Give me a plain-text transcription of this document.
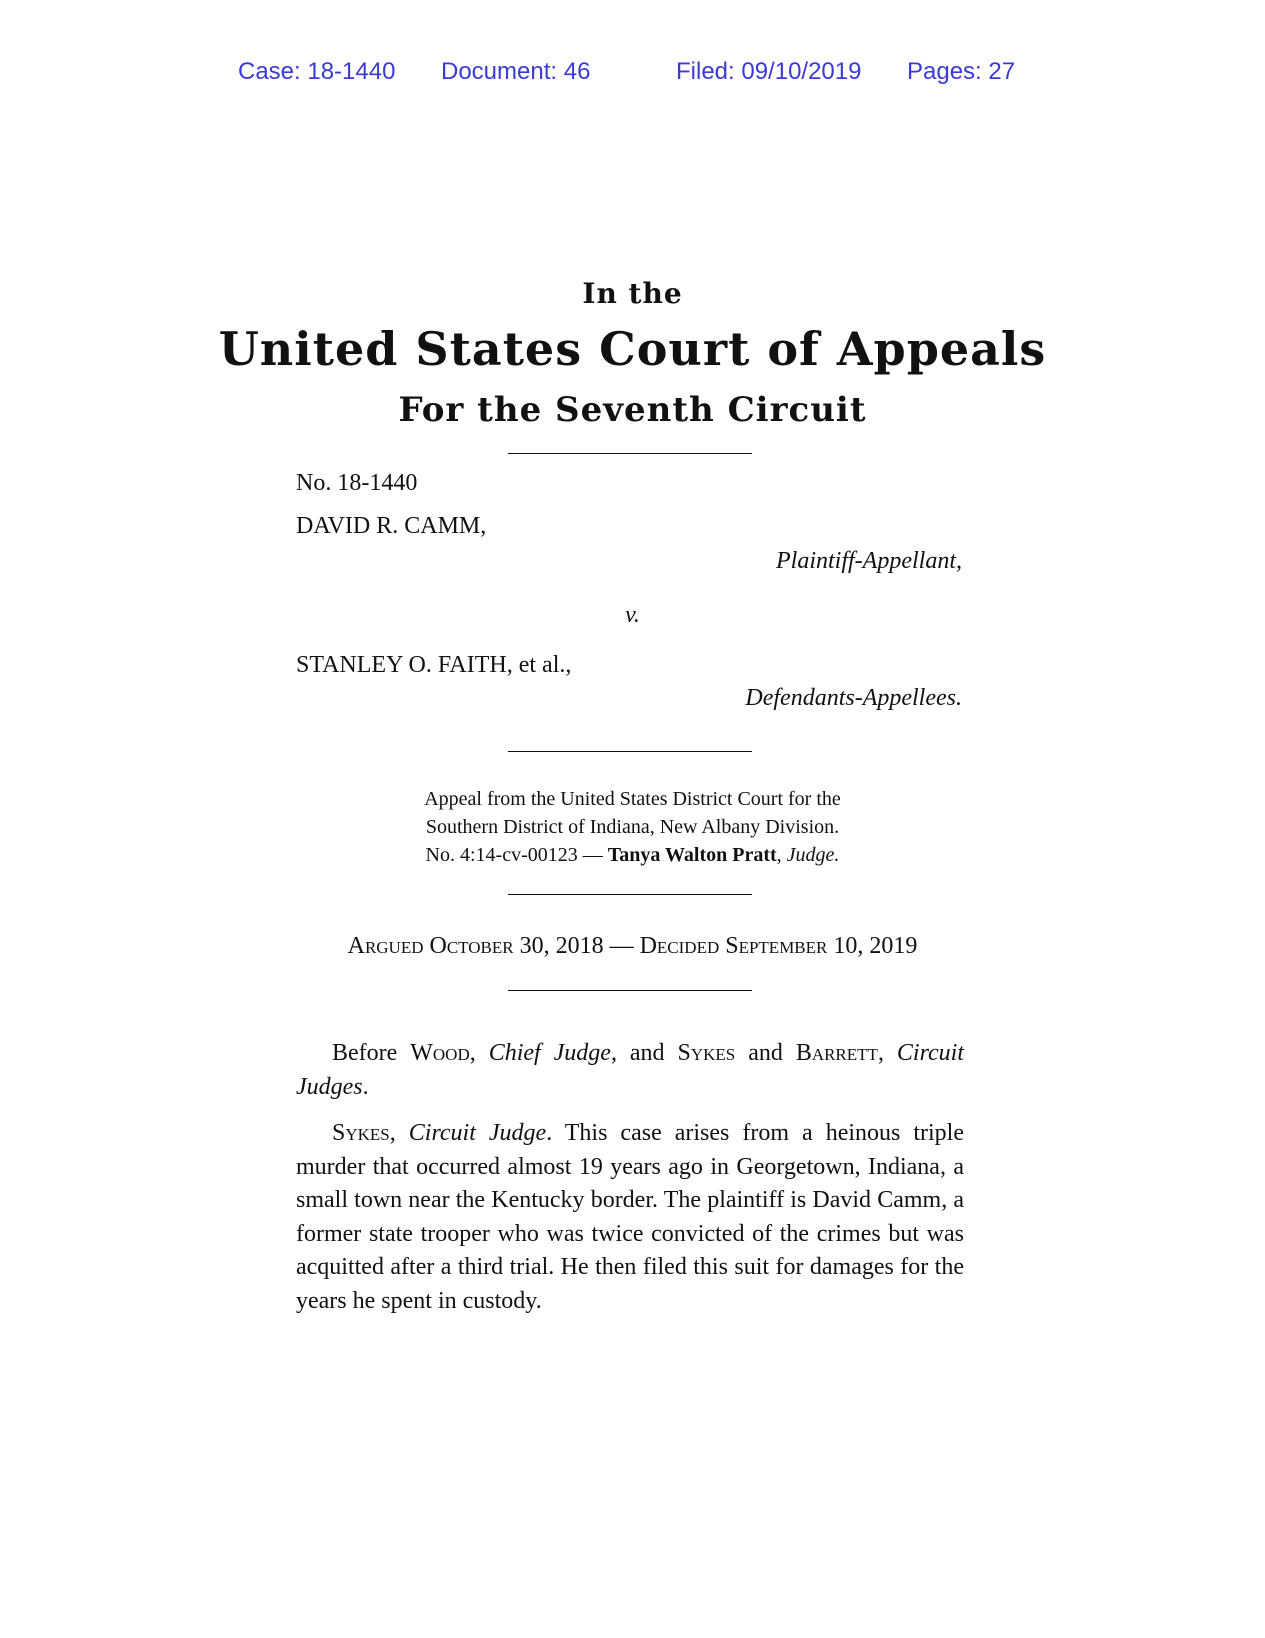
Case: 18-1440 Document: 46	Filed: 09/10/2019 Pages: 27
In the
United States Court of Appeals
For the Seventh Circuit
No. 18-1440
DAVID R. CAMM,
Plaintiff-Appellant,
v.
STANLEY O. FAITH, et al.,
Defendants-Appellees.
Appeal from the United States District Court for the
Southern District of Indiana, New Albany Division.
No. 4:14-cv-00123 — Tanya Walton Pratt, Judge.
Argued October 30, 2018 — Decided September 10, 2019
Before Wood, Chief Judge, and Sykes and Barrett, Circuit Judges.
Sykes, Circuit Judge. This case arises from a heinous triple murder that occurred almost 19 years ago in Georgetown, Indiana, a small town near the Kentucky border. The plaintiff is David Camm, a former state trooper who was twice convicted of the crimes but was acquitted after a third trial. He then filed this suit for damages for the years he spent in custody.
